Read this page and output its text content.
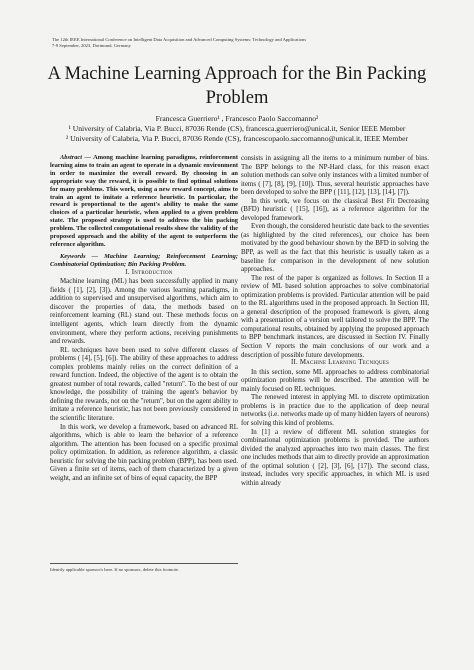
The 12th IEEE International Conference on Intelligent Data Acquisition and Advanced Computing Systems: Technology and Applications
7-9 September, 2023, Dortmund, Germany
A Machine Learning Approach for the Bin Packing Problem
Francesca Guerriero¹ , Francesco Paolo Saccomanno²
¹ University of Calabria, Via P. Bucci, 87036 Rende (CS), francesca.guerriero@unical.it, Senior IEEE Member
² University of Calabria, Via P. Bucci, 87036 Rende (CS), francescopaolo.saccomanno@unical.it, IEEE Member

Abstract — Among machine learning paradigms, reinforcement learning aims to train an agent to operate in a dynamic environment in order to maximize the overall reward. By choosing in an appropriate way the reward, it is possible to find optimal solutions for many problems. This work, using a new reward concept, aims to train an agent to imitate a reference heuristic. In particular, the reward is proportional to the agent's ability to make the same choices of a particular heuristic, when applied to a given problem state. The proposed strategy is used to address the bin packing problem. The collected computational results show the validity of the proposed approach and the ability of the agent to outperform the reference algorithm.

Keywords — Machine Learning; Reinforcement Learning; Combinatorial Optimization; Bin Packing Problem.

I. Introduction

Machine learning (ML) has been successfully applied in many fields ( [1], [2], [3]). Among the various learning paradigms, in addition to supervised and unsupervised algorithms, which aim to discover the properties of data, the methods based on reinforcement learning (RL) stand out. These methods focus on intelligent agents, which learn directly from the dynamic environment, where they perform actions, receiving punishments and rewards.

RL techniques have been used to solve different classes of problems ( [4], [5], [6]). The ability of these approaches to address complex problems mainly relies on the correct definition of a reward function. Indeed, the objective of the agent is to obtain the greatest number of total rewards, called "return". To the best of our knowledge, the possibility of training the agent's behavior by defining the rewards, not on the "return", but on the agent ability to imitate a reference heuristic, has not been previously considered in the scientific literature.

In this work, we develop a framework, based on advanced RL algorithms, which is able to learn the behavior of a reference algorithm. The attention has been focused on a specific proximal policy optimization. In addition, as reference algorithm, a classic heuristic for solving the bin packing problem (BPP), has been used. Given a finite set of items, each of them characterized by a given weight, and an infinite set of bins of equal capacity, the BPP

consists in assigning all the items to a minimum number of bins. The BPP belongs to the NP-Hard class, for this reason exact solution methods can solve only instances with a limited number of items ( [7], [8], [9], [10]). Thus, several heuristic approaches have been developed to solve the BPP ( [11], [12], [13], [14], [7]).

In this work, we focus on the classical Best Fit Decreasing (BFD) heuristic ( [15], [16]), as a reference algorithm for the developed framework.

Even though, the considered heuristic date back to the seventies (as highlighted by the cited references), our choice has been motivated by the good behaviour shown by the BFD in solving the BPP, as well as the fact that this heuristic is usually taken as a baseline for comparison in the development of new solution approaches.

The rest of the paper is organized as follows. In Section II a review of ML based solution approaches to solve combinatorial optimization problems is provided. Particular attention will be paid to the RL algorithms used in the proposed approach. In Section III, a general description of the proposed framework is given, along with a presentation of a version well tailored to solve the BPP. The computational results, obtained by applying the proposed approach to BPP benchmark instances, are discussed in Section IV. Finally Section V reports the main conclusions of our work and a description of possible future developments.

II. Machine Learning Tecniques

In this section, some ML approaches to address combinatorial optimization problems will be described. The attention will be mainly focused on RL techniques.

The renewed interest in applying ML to discrete optimization problems is in practice due to the application of deep neural networks (i.e. networks made up of many hidden layers of neurons) for solving this kind of problems.

In [1] a review of different ML solution strategies for combinational optimization problems is provided. The authors divided the analyzed approaches into two main classes. The first one includes methods that aim to directly provide an approximation of the optimal solution ( [2], [3], [6], [17]). The second class, instead, includes very specific approaches, in which ML is used within already

Identify applicable sponsor/s here. If no sponsors, delete this footnote.
